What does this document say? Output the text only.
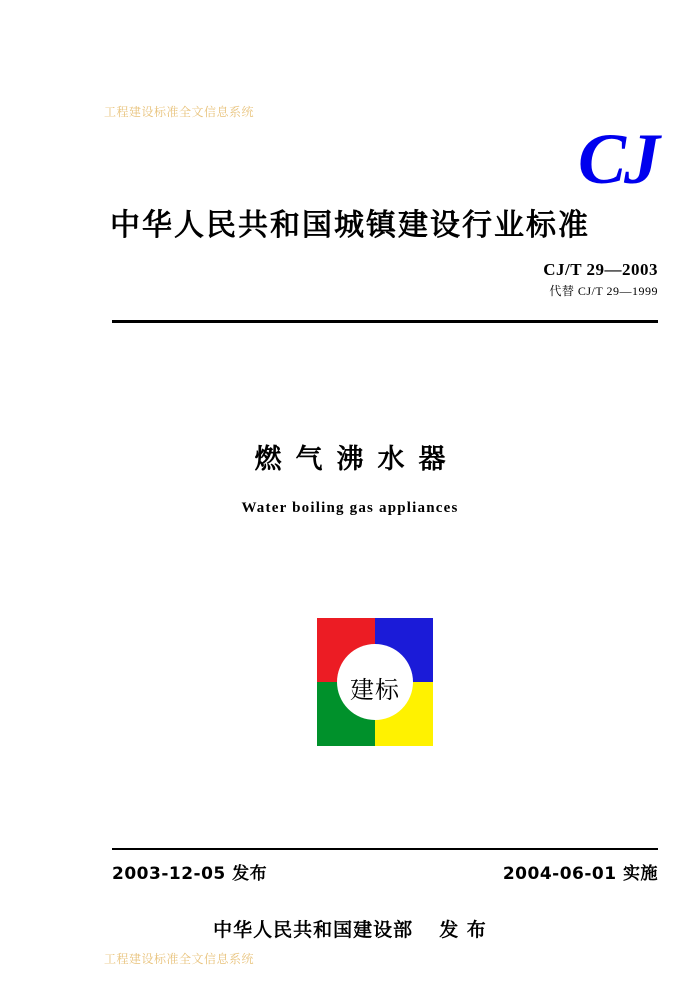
工程建设标准全文信息系统
CJ
中华人民共和国城镇建设行业标准
CJ/T 29—2003
代替 CJ/T 29—1999
燃气沸水器
Water boiling gas appliances
建标
2003-12-05 发布	2004-06-01 实施
中华人民共和国建设部 发 布
工程建设标准全文信息系统
